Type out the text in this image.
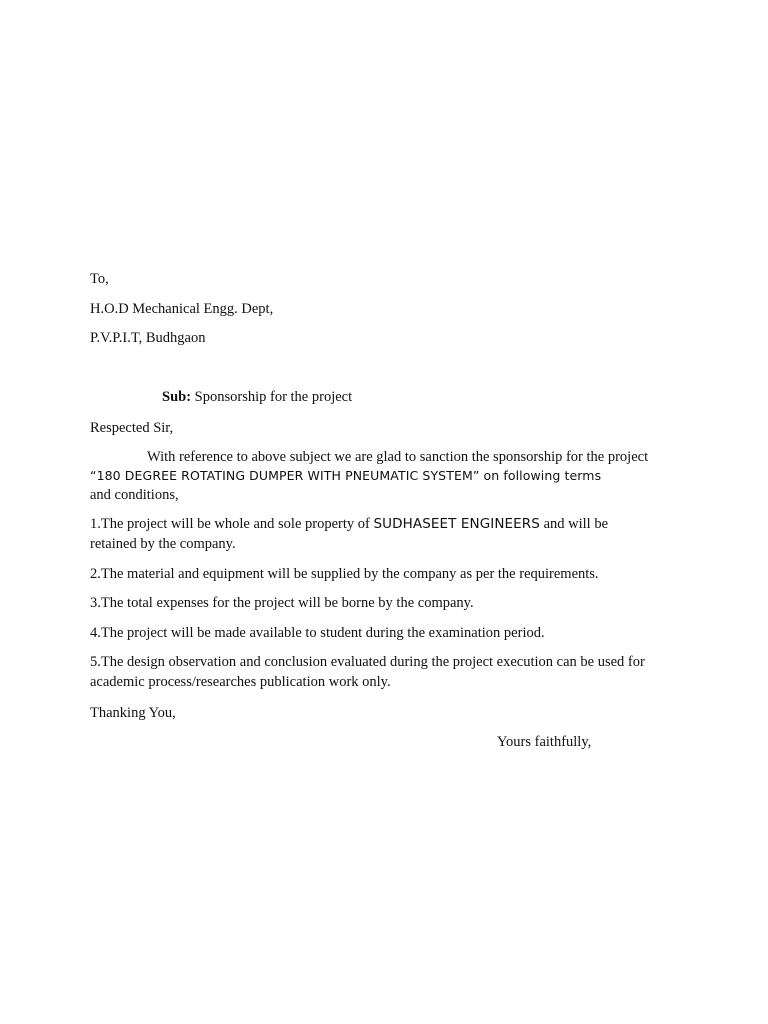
To,
H.O.D Mechanical Engg. Dept,
P.V.P.I.T, Budhgaon
Sub: Sponsorship for the project
Respected Sir,
With reference to above subject we are glad to sanction the sponsorship for the project
“180 DEGREE ROTATING DUMPER WITH PNEUMATIC SYSTEM” on following terms
and conditions,
1.The project will be whole and sole property of SUDHASEET ENGINEERS and will be
retained by the company.
2.The material and equipment will be supplied by the company as per the requirements.
3.The total expenses for the project will be borne by the company.
4.The project will be made available to student during the examination period.
5.The design observation and conclusion evaluated during the project execution can be used for
academic process/researches publication work only.
Thanking You,
Yours faithfully,
